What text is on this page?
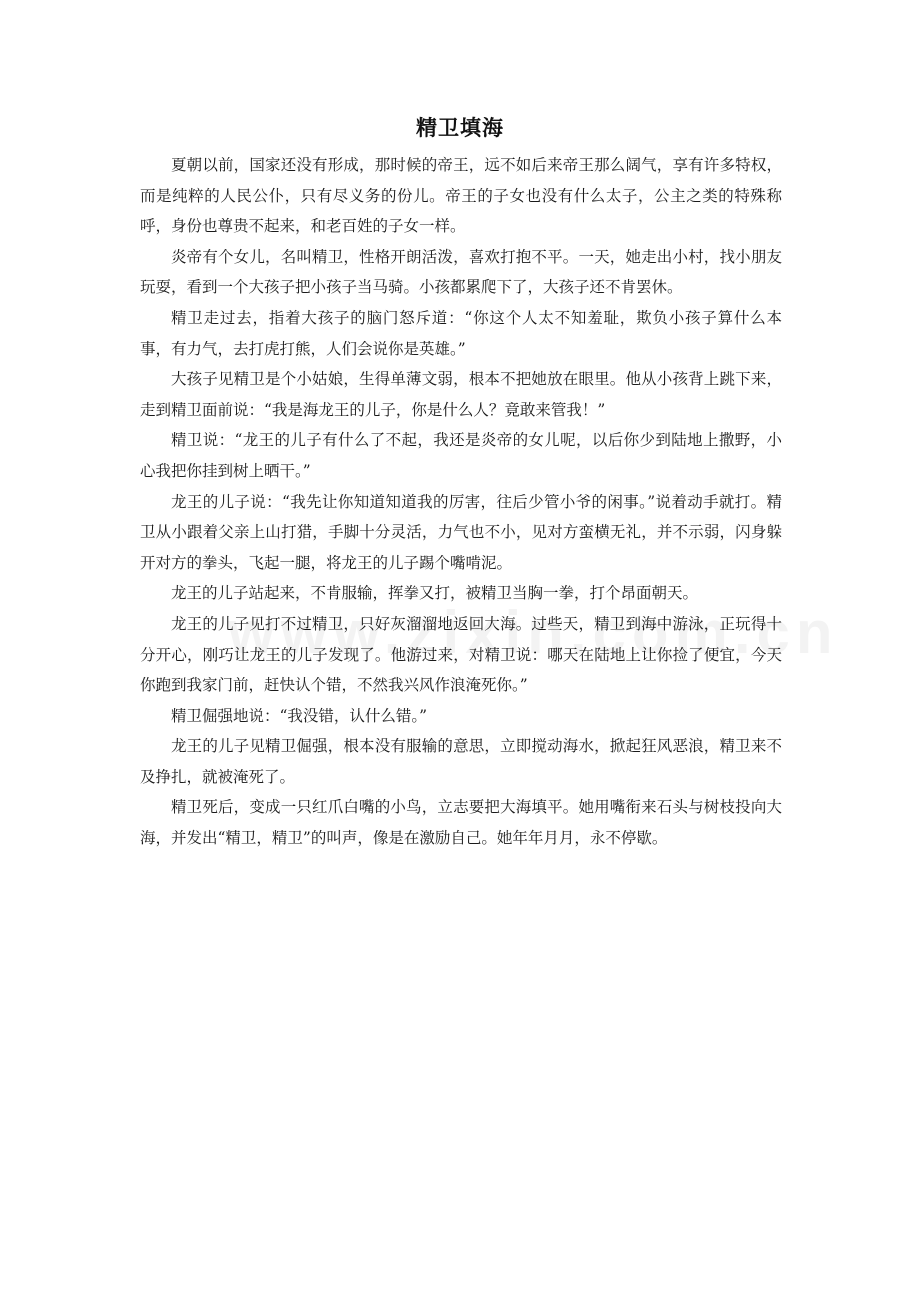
精卫填海

夏朝以前，国家还没有形成，那时候的帝王，远不如后来帝王那么阔气，享有许多特权，而是纯粹的人民公仆，只有尽义务的份儿。帝王的子女也没有什么太子，公主之类的特殊称呼，身份也尊贵不起来，和老百姓的子女一样。

炎帝有个女儿，名叫精卫，性格开朗活泼，喜欢打抱不平。一天，她走出小村，找小朋友玩耍，看到一个大孩子把小孩子当马骑。小孩都累爬下了，大孩子还不肯罢休。

精卫走过去，指着大孩子的脑门怒斥道：“你这个人太不知羞耻，欺负小孩子算什么本事，有力气，去打虎打熊，人们会说你是英雄。”

大孩子见精卫是个小姑娘，生得单薄文弱，根本不把她放在眼里。他从小孩背上跳下来，走到精卫面前说：“我是海龙王的儿子，你是什么人？竟敢来管我！”

精卫说：“龙王的儿子有什么了不起，我还是炎帝的女儿呢，以后你少到陆地上撒野，小心我把你挂到树上晒干。”

龙王的儿子说：“我先让你知道知道我的厉害，往后少管小爷的闲事。”说着动手就打。精卫从小跟着父亲上山打猎，手脚十分灵活，力气也不小，见对方蛮横无礼，并不示弱，闪身躲开对方的拳头，飞起一腿，将龙王的儿子踢个嘴啃泥。

龙王的儿子站起来，不肯服输，挥拳又打，被精卫当胸一拳，打个昂面朝天。

龙王的儿子见打不过精卫，只好灰溜溜地返回大海。过些天，精卫到海中游泳，正玩得十分开心，刚巧让龙王的儿子发现了。他游过来，对精卫说：哪天在陆地上让你捡了便宜，今天你跑到我家门前，赶快认个错，不然我兴风作浪淹死你。”

精卫倔强地说：“我没错，认什么错。”

龙王的儿子见精卫倔强，根本没有服输的意思，立即搅动海水，掀起狂风恶浪，精卫来不及挣扎，就被淹死了。

精卫死后，变成一只红爪白嘴的小鸟，立志要把大海填平。她用嘴衔来石头与树枝投向大海，并发出“精卫，精卫”的叫声，像是在激励自己。她年年月月，永不停歇。
